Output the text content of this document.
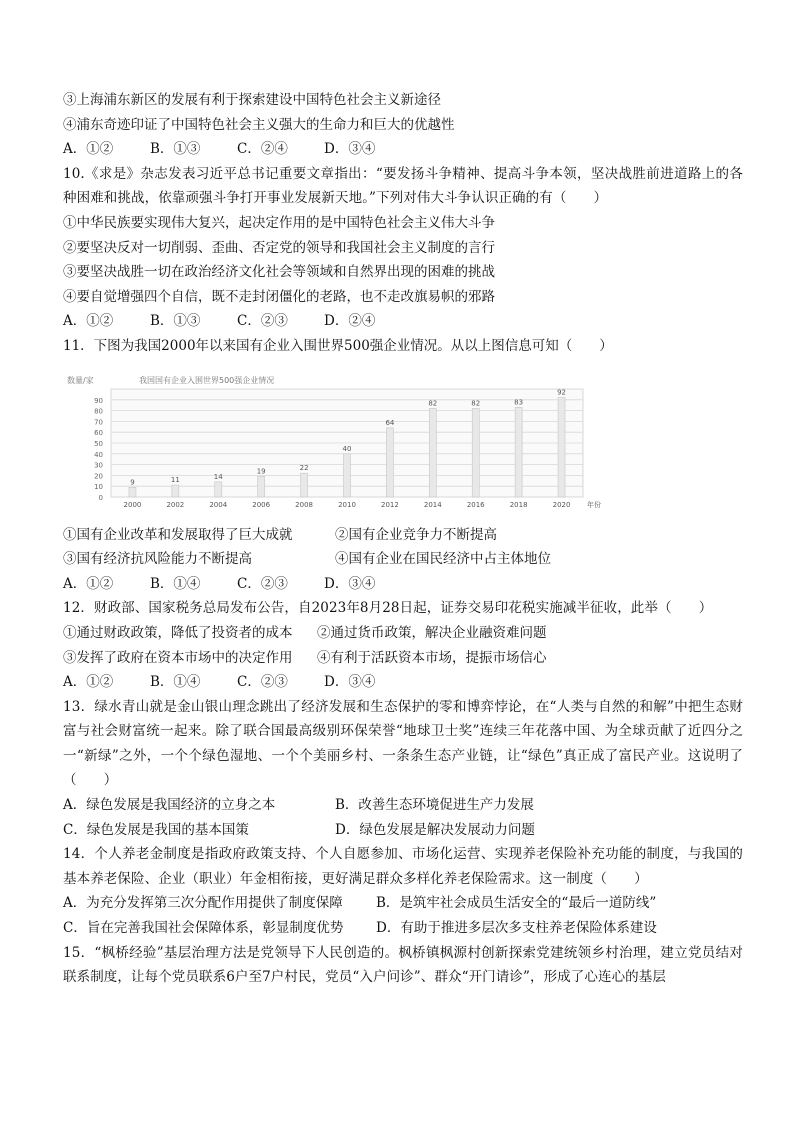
③上海浦东新区的发展有利于探索建设中国特色社会主义新途径
④浦东奇迹印证了中国特色社会主义强大的生命力和巨大的优越性
A．①②	B．①③	C．②④	D．③④
10.《求是》杂志发表习近平总书记重要文章指出：“要发扬斗争精神、提高斗争本领，坚决战胜前进道路上的各种困难和挑战，依靠顽强斗争打开事业发展新天地。”下列对伟大斗争认识正确的有（　　）
①中华民族要实现伟大复兴，起决定作用的是中国特色社会主义伟大斗争
②要坚决反对一切削弱、歪曲、否定党的领导和我国社会主义制度的言行
③要坚决战胜一切在政治经济文化社会等领域和自然界出现的困难的挑战
④要自觉增强四个自信，既不走封闭僵化的老路，也不走改旗易帜的邪路
A．①②	B．①③	C．②③	D．②④
11．下图为我国2000年以来国有企业入围世界500强企业情况。从以上图信息可知（　　）
我国国有企业入围世界500强企业情况
数量/家
0
10
20
30
40
50
60
70
80
90
9
2000
11
2002
14
2004
19
2006
22
2008
40
2010
64
2012
82
2014
82
2016
83
2018
92
2020 年份
①国有企业改革和发展取得了巨大成就	②国有企业竞争力不断提高
③国有经济抗风险能力不断提高	④国有企业在国民经济中占主体地位
A．①②	B．①④	C．②③	D．③④
12．财政部、国家税务总局发布公告，自2023年8月28日起，证券交易印花税实施减半征收，此举（　　）
①通过财政政策，降低了投资者的成本	②通过货币政策，解决企业融资难问题
③发挥了政府在资本市场中的决定作用	④有利于活跃资本市场，提振市场信心
A．①②	B．①④	C．②③	D．③④
13．绿水青山就是金山银山理念跳出了经济发展和生态保护的零和博弈悖论，在“人类与自然的和解”中把生态财富与社会财富统一起来。除了联合国最高级别环保荣誉“地球卫士奖”连续三年花落中国、为全球贡献了近四分之一“新绿”之外，一个个绿色湿地、一个个美丽乡村、一条条生态产业链，让“绿色”真正成了富民产业。这说明了（　　）
A．绿色发展是我国经济的立身之本	B．改善生态环境促进生产力发展
C．绿色发展是我国的基本国策	D．绿色发展是解决发展动力问题
14．个人养老金制度是指政府政策支持、个人自愿参加、市场化运营、实现养老保险补充功能的制度，与我国的基本养老保险、企业（职业）年金相衔接，更好满足群众多样化养老保险需求。这一制度（　　）
A．为充分发挥第三次分配作用提供了制度保障	B．是筑牢社会成员生活安全的“最后一道防线”
C．旨在完善我国社会保障体系，彰显制度优势	D．有助于推进多层次多支柱养老保险体系建设
15．“枫桥经验”基层治理方法是党领导下人民创造的。枫桥镇枫源村创新探索党建统领乡村治理，建立党员结对联系制度，让每个党员联系6户至7户村民，党员“入户问诊”、群众“开门请诊”，形成了心连心的基层
